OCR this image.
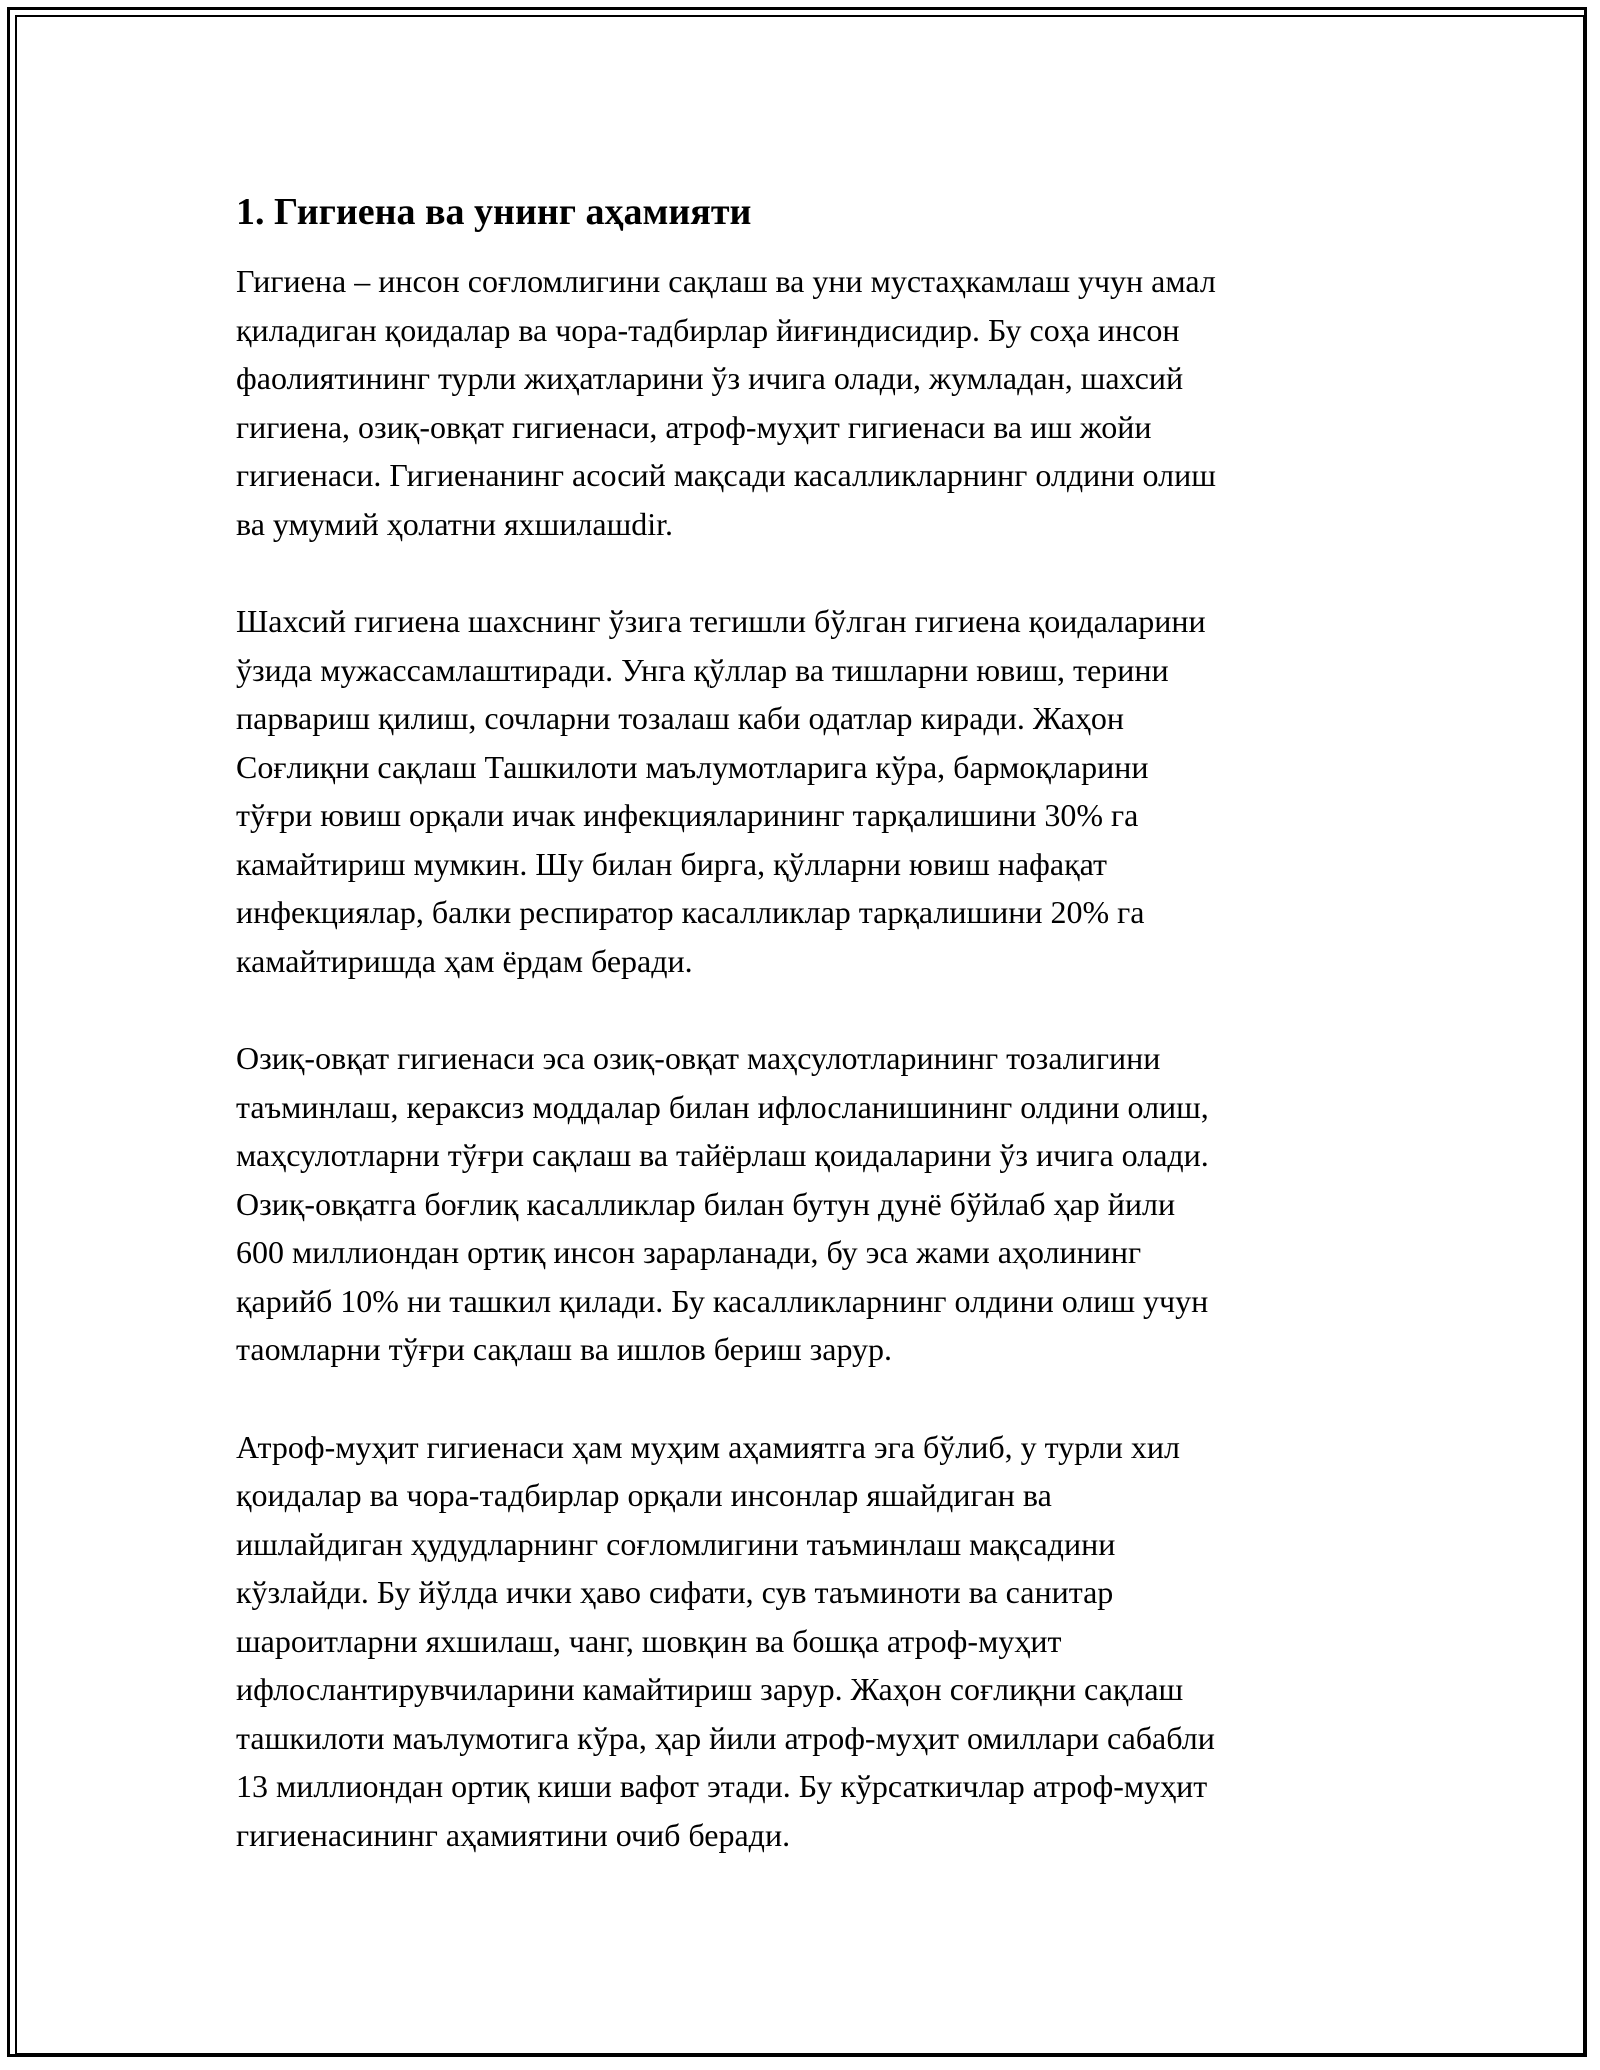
1. Гигиена ва унинг аҳамияти

Гигиена – инсон соғломлигини сақлаш ва уни мустаҳкамлаш учун амал
қиладиган қоидалар ва чора-тадбирлар йиғиндисидир. Бу соҳа инсон
фаолиятининг турли жиҳатларини ўз ичига олади, жумладан, шахсий
гигиена, озиқ-овқат гигиенаси, атроф-муҳит гигиенаси ва иш жойи
гигиенаси. Гигиенанинг асосий мақсади касалликларнинг олдини олиш
ва умумий ҳолатни яхшилашdir.

Шахсий гигиена шахснинг ўзига тегишли бўлган гигиена қоидаларини
ўзида мужассамлаштиради. Унга қўллар ва тишларни ювиш, терини
парвариш қилиш, сочларни тозалаш каби одатлар киради. Жаҳон
Соғлиқни сақлаш Ташкилоти маълумотларига кўра, бармоқларини
тўғри ювиш орқали ичак инфекцияларининг тарқалишини 30% га
камайтириш мумкин. Шу билан бирга, қўлларни ювиш нафақат
инфекциялар, балки респиратор касалликлар тарқалишини 20% га
камайтиришда ҳам ёрдам беради.

Озиқ-овқат гигиенаси эса озиқ-овқат маҳсулотларининг тозалигини
таъминлаш, кераксиз моддалар билан ифлосланишининг олдини олиш,
маҳсулотларни тўғри сақлаш ва тайёрлаш қоидаларини ўз ичига олади.
Озиқ-овқатга боғлиқ касалликлар билан бутун дунё бўйлаб ҳар йили
600 миллиондан ортиқ инсон зарарланади, бу эса жами аҳолининг
қарийб 10% ни ташкил қилади. Бу касалликларнинг олдини олиш учун
таомларни тўғри сақлаш ва ишлов бериш зарур.

Атроф-муҳит гигиенаси ҳам муҳим аҳамиятга эга бўлиб, у турли хил
қоидалар ва чора-тадбирлар орқали инсонлар яшайдиган ва
ишлайдиган ҳудудларнинг соғломлигини таъминлаш мақсадини
кўзлайди. Бу йўлда ички ҳаво сифати, сув таъминоти ва санитар
шароитларни яхшилаш, чанг, шовқин ва бошқа атроф-муҳит
ифлослантирувчиларини камайтириш зарур. Жаҳон соғлиқни сақлаш
ташкилоти маълумотига кўра, ҳар йили атроф-муҳит омиллари сабабли
13 миллиондан ортиқ киши вафот этади. Бу кўрсаткичлар атроф-муҳит
гигиенасининг аҳамиятини очиб беради.
